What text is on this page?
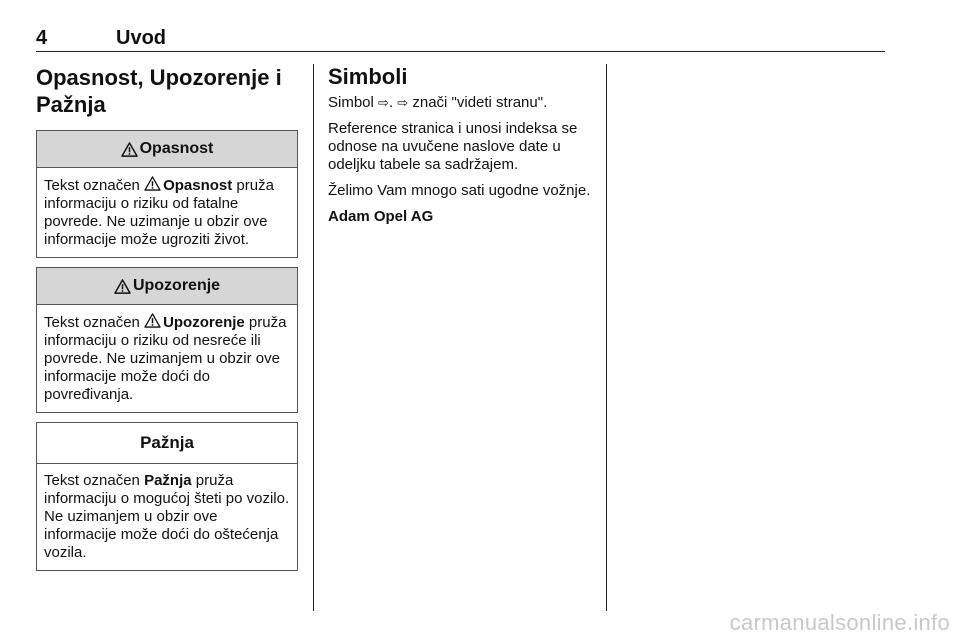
4	Uvod
Opasnost, Upozorenje i Pažnja
Opasnost
Tekst označen Opasnost pruža informaciju o riziku od fatalne povrede. Ne uzimanje u obzir ove informacije može ugroziti život.
Upozorenje
Tekst označen Upozorenje pruža informaciju o riziku od nesreće ili povrede. Ne uzimanjem u obzir ove informacije može doći do povređivanja.
Pažnja
Tekst označen Pažnja pruža informaciju o mogućoj šteti po vozilo. Ne uzimanjem u obzir ove informacije može doći do oštećenja vozila.
Simboli

Simbol ⇨. ⇨ znači "videti stranu".

Reference stranica i unosi indeksa se odnose na uvučene naslove date u odeljku tabele sa sadržajem.

Želimo Vam mnogo sati ugodne vožnje.

Adam Opel AG

carmanualsonline.info
